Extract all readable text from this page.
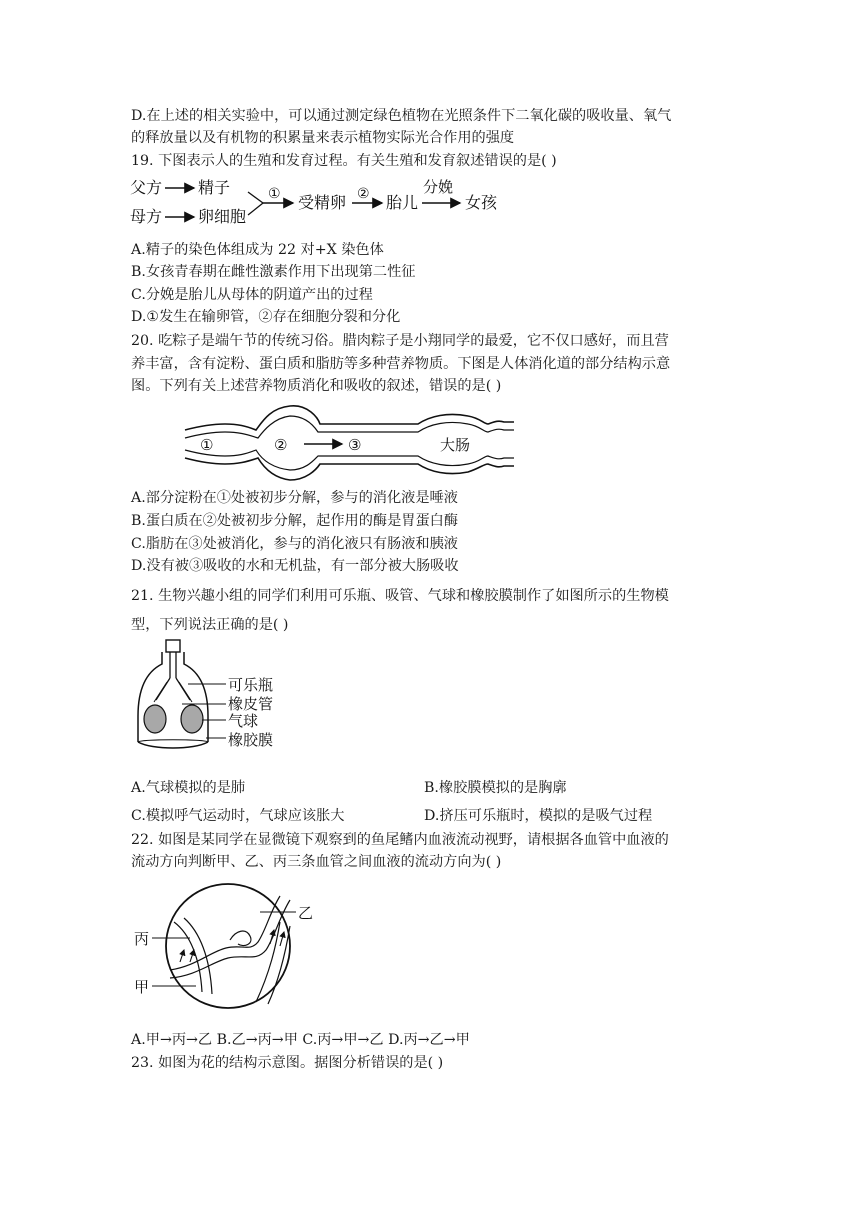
D.在上述的相关实验中，可以通过测定绿色植物在光照条件下二氧化碳的吸收量、氧气
的释放量以及有机物的积累量来表示植物实际光合作用的强度
19. 下图表示人的生殖和发育过程。有关生殖和发育叙述错误的是( )
父方 精子
母方 卵细胞
① 受精卵 ② 胎儿
分娩
女孩
A.精子的染色体组成为 22 对+X 染色体
B.女孩青春期在雌性激素作用下出现第二性征
C.分娩是胎儿从母体的阴道产出的过程
D.①发生在输卵管，②存在细胞分裂和分化
20. 吃粽子是端午节的传统习俗。腊肉粽子是小翔同学的最爱，它不仅口感好，而且营
养丰富，含有淀粉、蛋白质和脂肪等多种营养物质。下图是人体消化道的部分结构示意
图。下列有关上述营养物质消化和吸收的叙述，错误的是( )
①	②	③	大肠
A.部分淀粉在①处被初步分解，参与的消化液是唾液
B.蛋白质在②处被初步分解，起作用的酶是胃蛋白酶
C.脂肪在③处被消化，参与的消化液只有肠液和胰液
D.没有被③吸收的水和无机盐，有一部分被大肠吸收
21. 生物兴趣小组的同学们利用可乐瓶、吸管、气球和橡胶膜制作了如图所示的生物模
型，下列说法正确的是( )
可乐瓶
橡皮管
气球
橡胶膜
A.气球模拟的是肺	B.橡胶膜模拟的是胸廓
C.模拟呼气运动时，气球应该胀大	D.挤压可乐瓶时，模拟的是吸气过程
22. 如图是某同学在显微镜下观察到的鱼尾鳍内血液流动视野，请根据各血管中血液的
流动方向判断甲、乙、丙三条血管之间血液的流动方向为( )
乙
丙
甲
A.甲→丙→乙 B.乙→丙→甲 C.丙→甲→乙 D.丙→乙→甲
23. 如图为花的结构示意图。据图分析错误的是( )
